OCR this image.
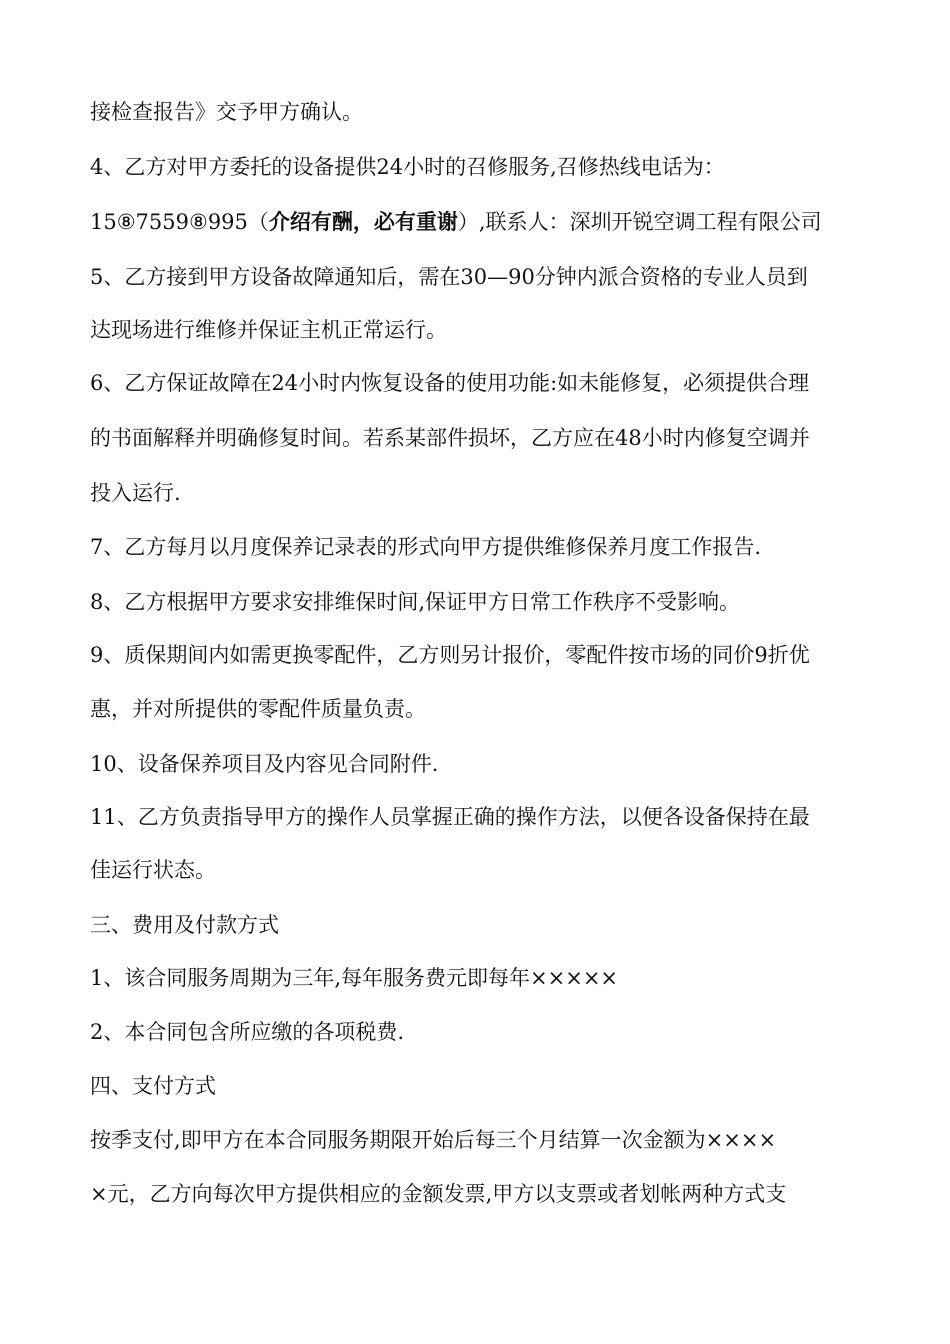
接检查报告》交予甲方确认。
4、乙方对甲方委托的设备提供24小时的召修服务,召修热线电话为：
15⑧7559⑧995（介绍有酬，必有重谢）,联系人：深圳开锐空调工程有限公司
5、乙方接到甲方设备故障通知后，需在30—90分钟内派合资格的专业人员到
达现场进行维修并保证主机正常运行。
6、乙方保证故障在24小时内恢复设备的使用功能:如未能修复，必须提供合理
的书面解释并明确修复时间。若系某部件损坏，乙方应在48小时内修复空调并
投入运行.
7、乙方每月以月度保养记录表的形式向甲方提供维修保养月度工作报告.
8、乙方根据甲方要求安排维保时间,保证甲方日常工作秩序不受影响。
9、质保期间内如需更换零配件，乙方则另计报价，零配件按市场的同价9折优
惠，并对所提供的零配件质量负责。
10、设备保养项目及内容见合同附件.
11、乙方负责指导甲方的操作人员掌握正确的操作方法，以便各设备保持在最
佳运行状态。
三、费用及付款方式
1、该合同服务周期为三年,每年服务费元即每年×××××
2、本合同包含所应缴的各项税费.
四、支付方式
按季支付,即甲方在本合同服务期限开始后每三个月结算一次金额为××××
×元，乙方向每次甲方提供相应的金额发票,甲方以支票或者划帐两种方式支
